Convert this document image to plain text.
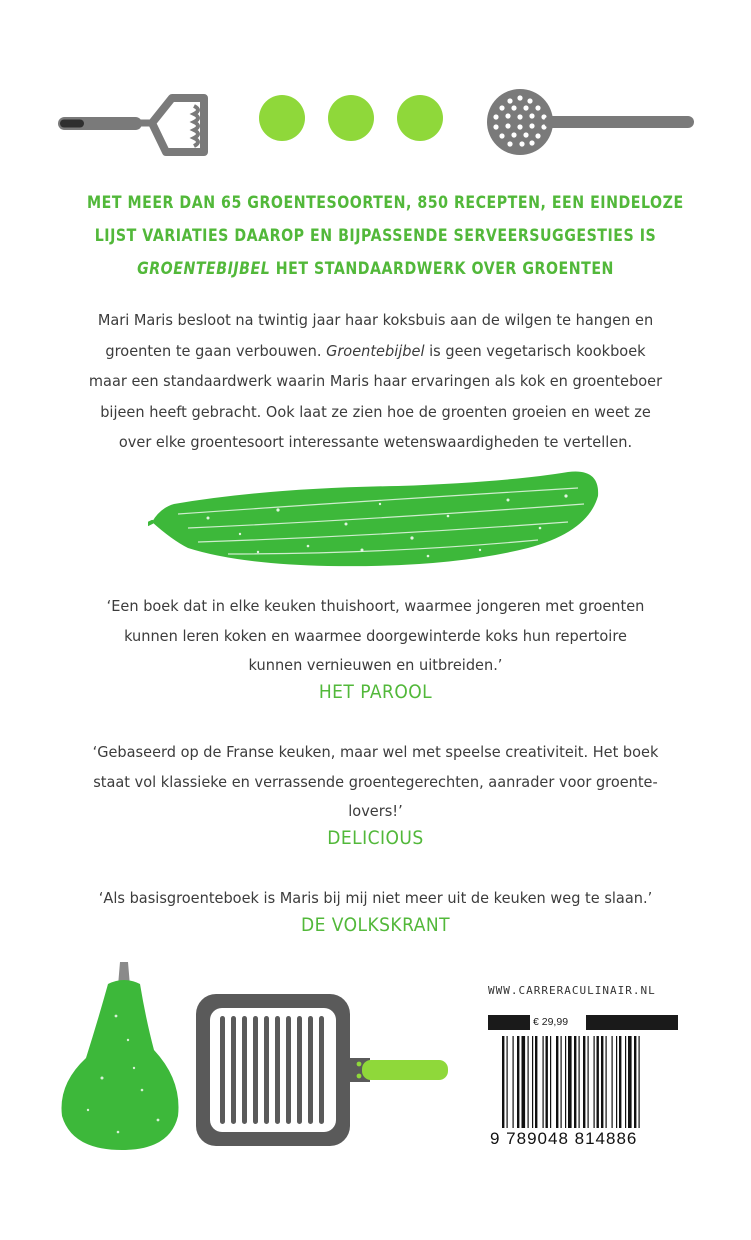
MET MEER DAN 65 GROENTESOORTEN, 850 RECEPTEN, EEN EINDELOZE
LIJST VARIATIES DAAROP EN BIJPASSENDE SERVEERSUGGESTIES IS
GROENTEBIJBEL HET STANDAARDWERK OVER GROENTEN
Mari Maris besloot na twintig jaar haar koksbuis aan de wilgen te hangen en
groenten te gaan verbouwen. Groentebijbel is geen vegetarisch kookboek
maar een standaardwerk waarin Maris haar ervaringen als kok en groenteboer
bijeen heeft gebracht. Ook laat ze zien hoe de groenten groeien en weet ze
over elke groentesoort interessante wetenswaardigheden te vertellen.
‘Een boek dat in elke keuken thuishoort, waarmee jongeren met groenten
kunnen leren koken en waarmee doorgewinterde koks hun repertoire
kunnen vernieuwen en uitbreiden.’
HET PAROOL
‘Gebaseerd op de Franse keuken, maar wel met speelse creativiteit. Het boek
staat vol klassieke en verrassende groentegerechten, aanrader voor groente-
lovers!’
DELICIOUS
‘Als basisgroenteboek is Maris bij mij niet meer uit de keuken weg te slaan.’
DE VOLKSKRANT
WWW.CARRERACULINAIR.NL
€ 29,99
9 789048 814886
